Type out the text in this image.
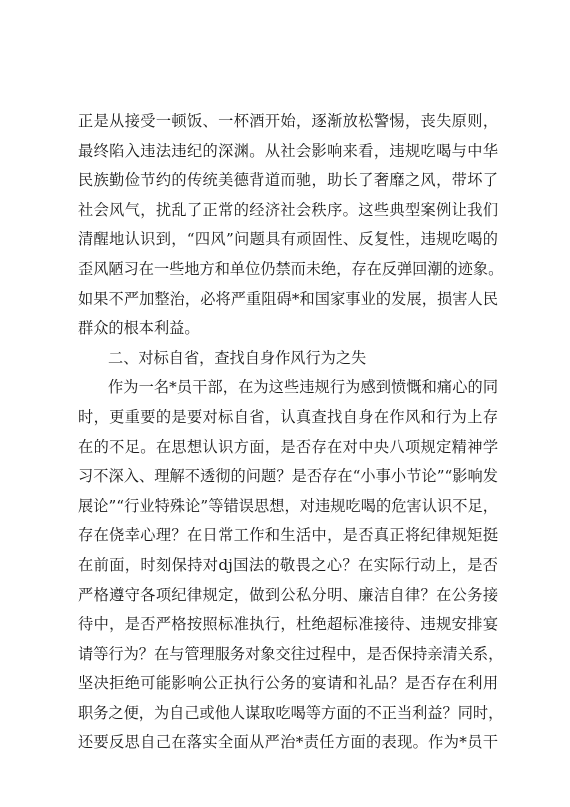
正是从接受一顿饭、一杯酒开始，逐渐放松警惕，丧失原则，
最终陷入违法违纪的深渊。从社会影响来看，违规吃喝与中华
民族勤俭节约的传统美德背道而驰，助长了奢靡之风，带坏了
社会风气，扰乱了正常的经济社会秩序。这些典型案例让我们
清醒地认识到，“四风”问题具有顽固性、反复性，违规吃喝的
歪风陋习在一些地方和单位仍禁而未绝，存在反弹回潮的迹象。
如果不严加整治，必将严重阻碍*和国家事业的发展，损害人民
群众的根本利益。
二、对标自省，查找自身作风行为之失
作为一名*员干部，在为这些违规行为感到愤慨和痛心的同
时，更重要的是要对标自省，认真查找自身在作风和行为上存
在的不足。在思想认识方面，是否存在对中央八项规定精神学
习不深入、理解不透彻的问题？是否存在“小事小节论”“影响发
展论”“行业特殊论”等错误思想，对违规吃喝的危害认识不足，
存在侥幸心理？在日常工作和生活中，是否真正将纪律规矩挺
在前面，时刻保持对dj国法的敬畏之心？在实际行动上，是否
严格遵守各项纪律规定，做到公私分明、廉洁自律？在公务接
待中，是否严格按照标准执行，杜绝超标准接待、违规安排宴
请等行为？在与管理服务对象交往过程中，是否保持亲清关系，
坚决拒绝可能影响公正执行公务的宴请和礼品？是否存在利用
职务之便，为自己或他人谋取吃喝等方面的不正当利益？同时，
还要反思自己在落实全面从严治*责任方面的表现。作为*员干
